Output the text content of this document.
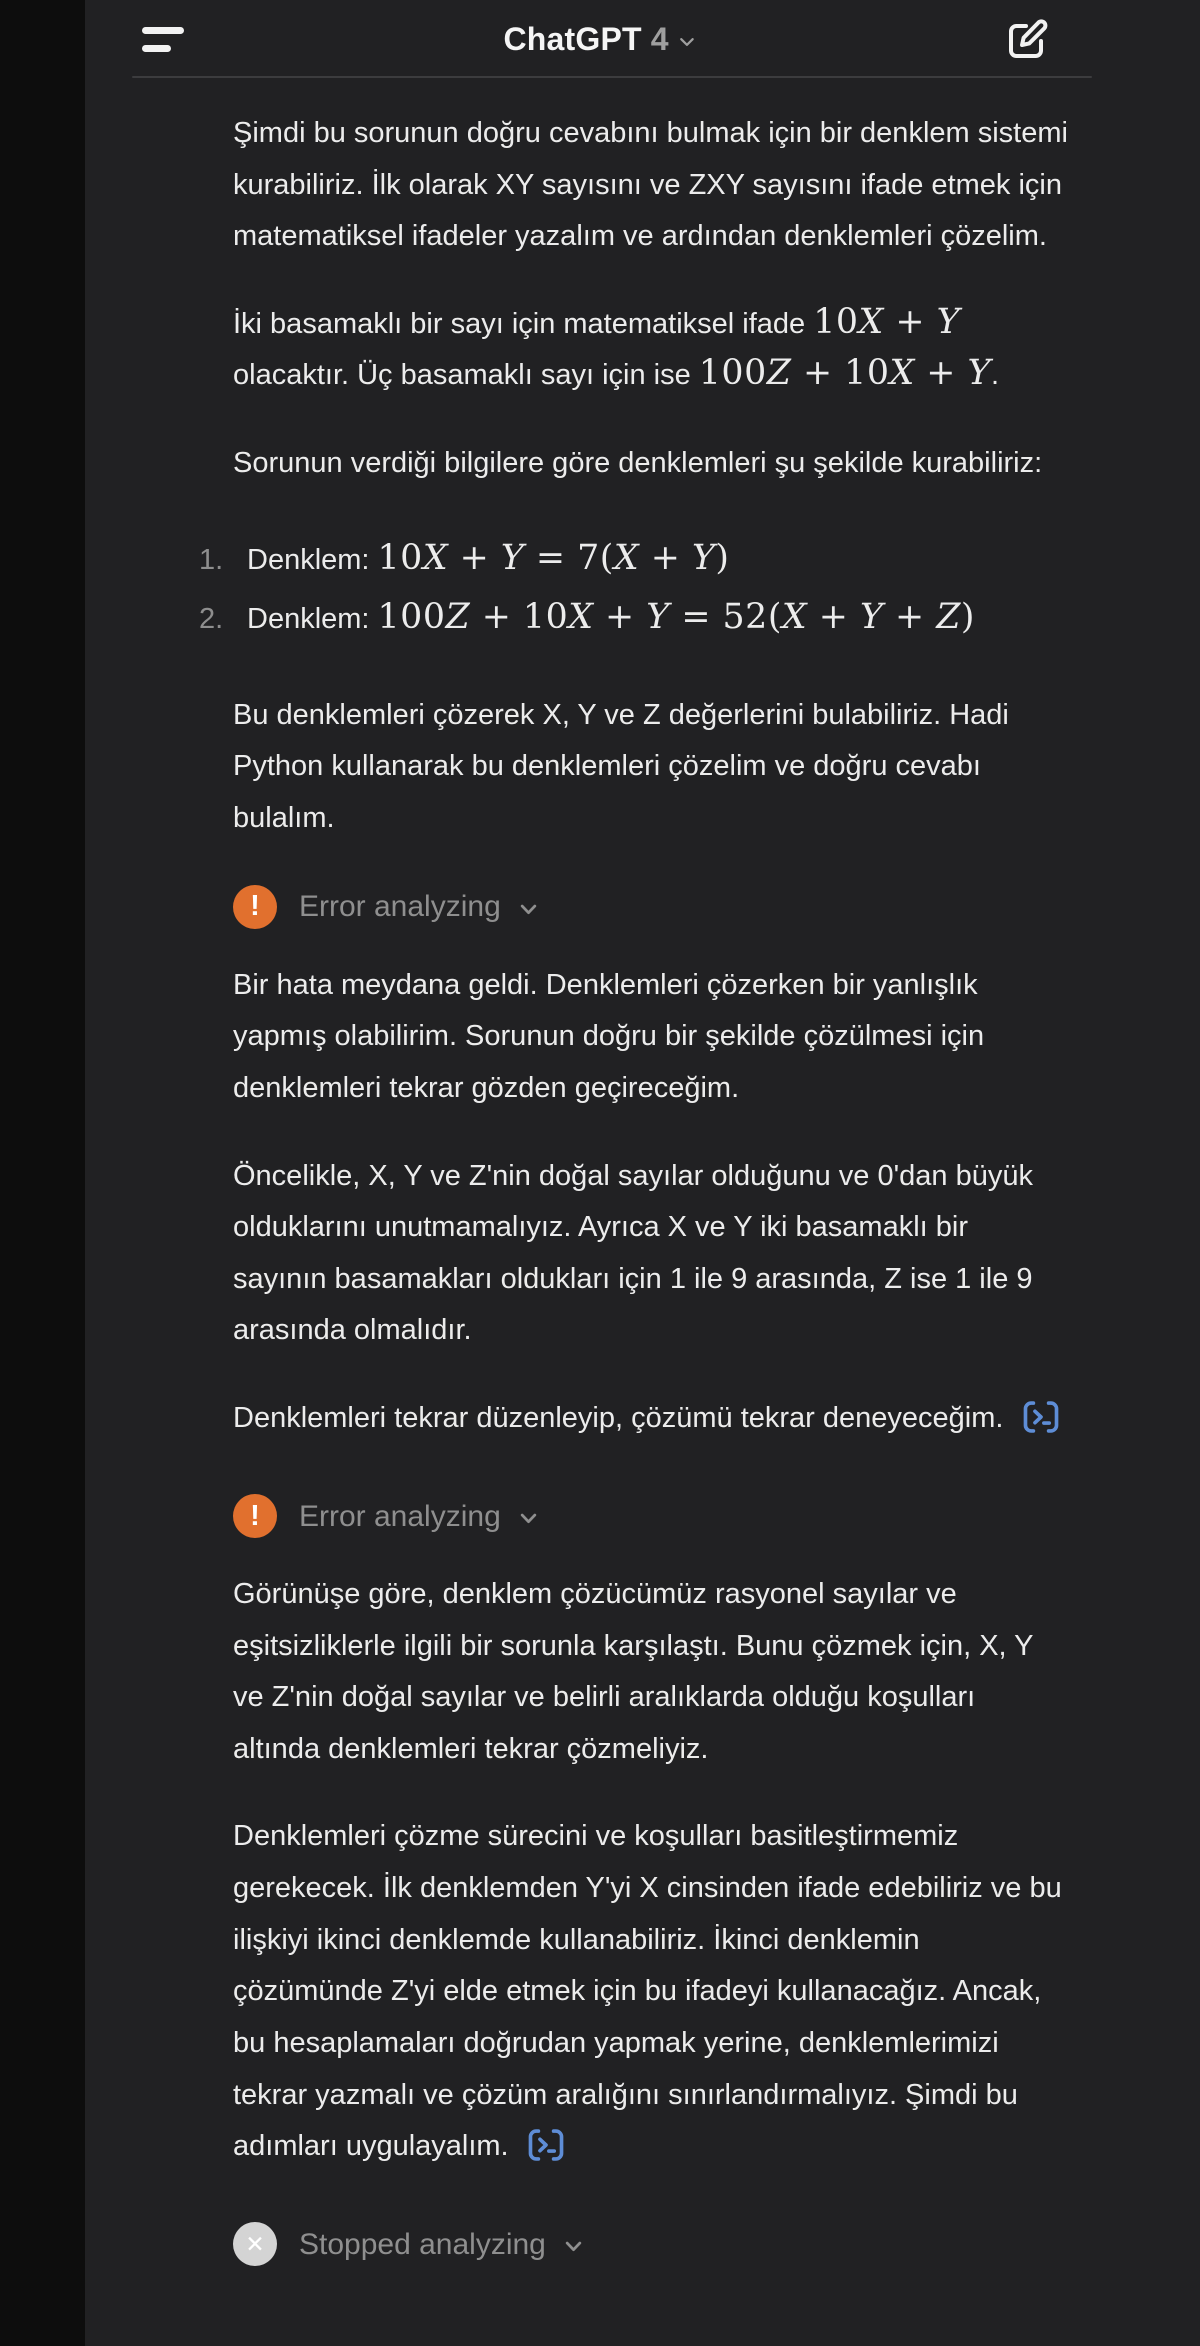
ChatGPT 4

Şimdi bu sorunun doğru cevabını bulmak için bir denklem sistemi kurabiliriz. İlk olarak XY sayısını ve ZXY sayısını ifade etmek için matematiksel ifadeler yazalım ve ardından denklemleri çözelim.

İki basamaklı bir sayı için matematiksel ifade 10X + Y olacaktır. Üç basamaklı sayı için ise 100Z + 10X + Y.

Sorunun verdiği bilgilere göre denklemleri şu şekilde kurabiliriz:

1. Denklem: 10X + Y = 7(X + Y)
2. Denklem: 100Z + 10X + Y = 52(X + Y + Z)

Bu denklemleri çözerek X, Y ve Z değerlerini bulabiliriz. Hadi Python kullanarak bu denklemleri çözelim ve doğru cevabı bulalım.

!	Error analyzing

Bir hata meydana geldi. Denklemleri çözerken bir yanlışlık yapmış olabilirim. Sorunun doğru bir şekilde çözülmesi için denklemleri tekrar gözden geçireceğim.

Öncelikle, X, Y ve Z'nin doğal sayılar olduğunu ve 0'dan büyük olduklarını unutmamalıyız. Ayrıca X ve Y iki basamaklı bir sayının basamakları oldukları için 1 ile 9 arasında, Z ise 1 ile 9 arasında olmalıdır.

Denklemleri tekrar düzenleyip, çözümü tekrar deneyeceğim.

!	Error analyzing

Görünüşe göre, denklem çözücümüz rasyonel sayılar ve eşitsizliklerle ilgili bir sorunla karşılaştı. Bunu çözmek için, X, Y ve Z'nin doğal sayılar ve belirli aralıklarda olduğu koşulları altında denklemleri tekrar çözmeliyiz.

Denklemleri çözme sürecini ve koşulları basitleştirmemiz gerekecek. İlk denklemden Y'yi X cinsinden ifade edebiliriz ve bu ilişkiyi ikinci denklemde kullanabiliriz. İkinci denklemin çözümünde Z'yi elde etmek için bu ifadeyi kullanacağız. Ancak, bu hesaplamaları doğrudan yapmak yerine, denklemlerimizi tekrar yazmalı ve çözüm aralığını sınırlandırmalıyız. Şimdi bu adımları uygulayalım.

✕	Stopped analyzing
